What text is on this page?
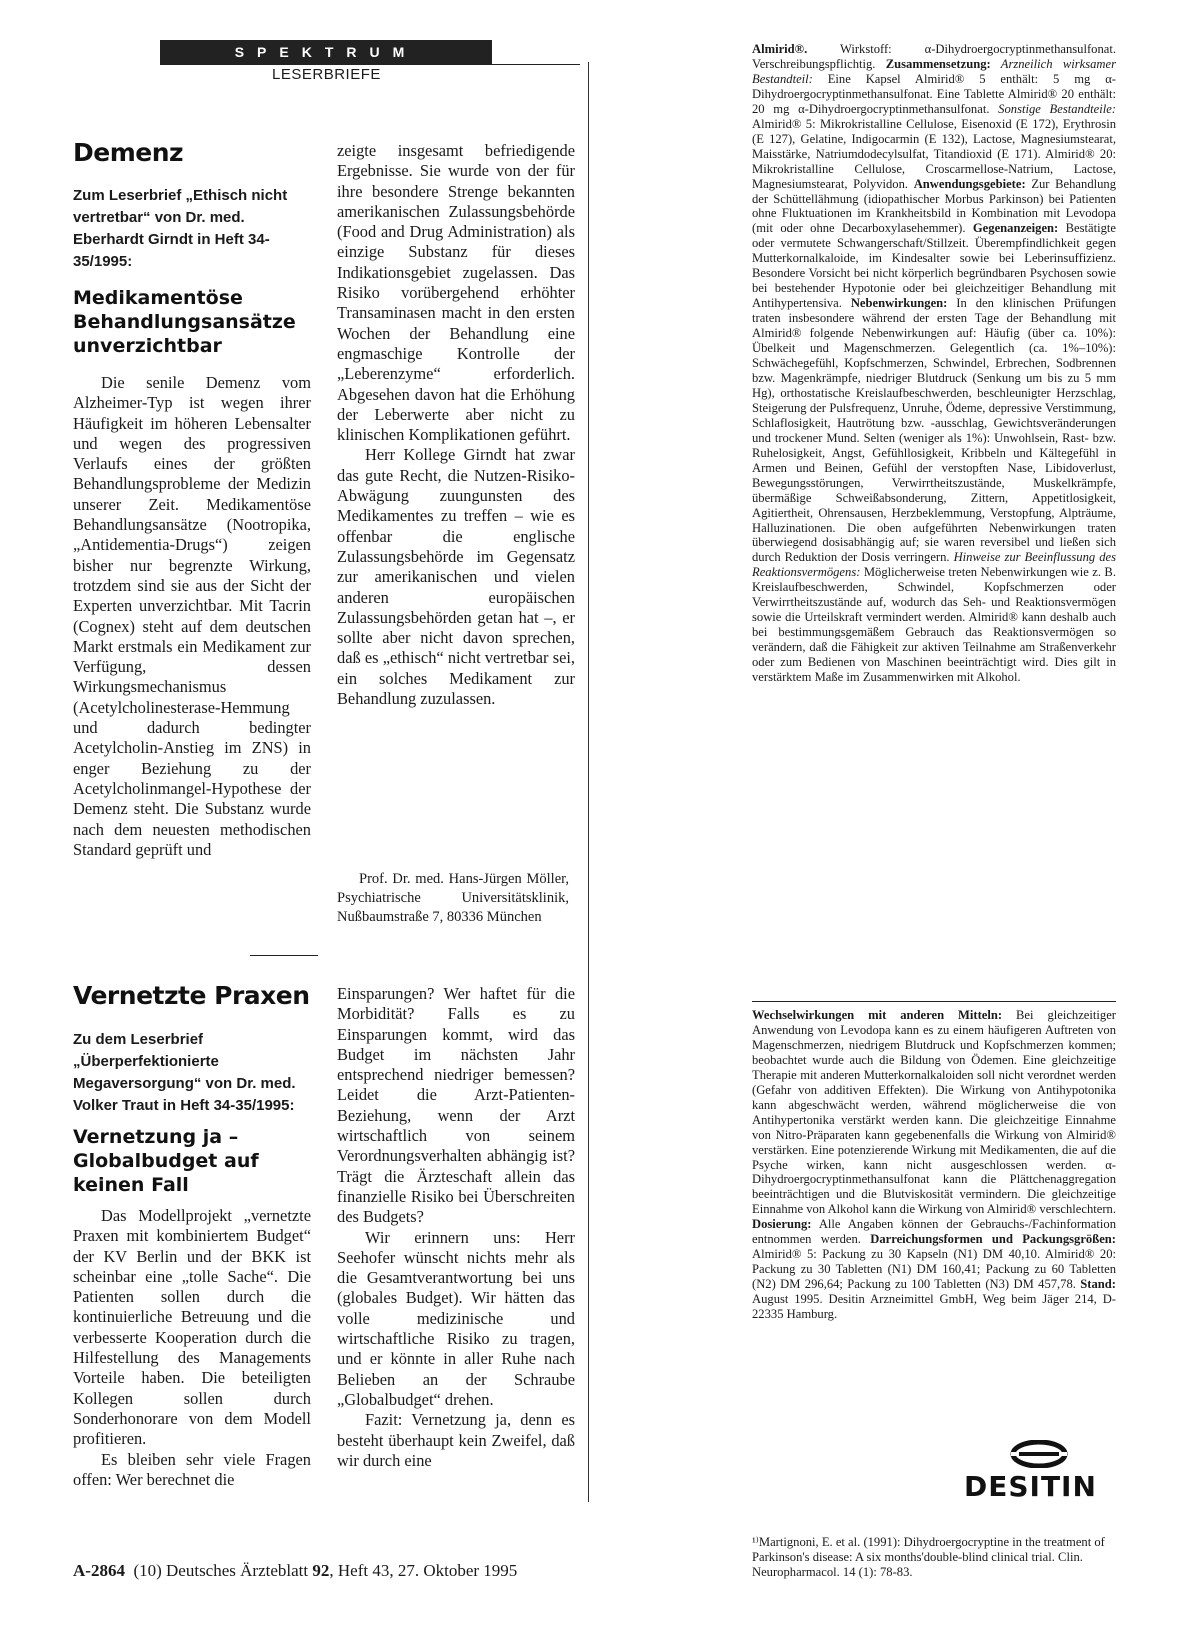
SPEKTRUM
LESERBRIEFE
Demenz
Zum Leserbrief „Ethisch nicht vertretbar“ von Dr. med. Eberhardt Girndt in Heft 34-35/1995:
Medikamentöse Behandlungsansätze unverzichtbar

Die senile Demenz vom Alzheimer-Typ ist wegen ihrer Häufigkeit im höheren Lebensalter und wegen des progressiven Verlaufs eines der größten Behandlungsprobleme der Medizin unserer Zeit. Medikamentöse Behandlungsansätze (Nootropika, „Antidementia-Drugs“) zeigen bisher nur begrenzte Wirkung, trotzdem sind sie aus der Sicht der Experten unverzichtbar. Mit Tacrin (Cognex) steht auf dem deutschen Markt erstmals ein Medikament zur Verfügung, dessen Wirkungsmechanismus (Acetylcholinesterase-Hemmung und dadurch bedingter Acetylcholin-Anstieg im ZNS) in enger Beziehung zu der Acetylcholinmangel-Hypothese der Demenz steht. Die Substanz wurde nach dem neuesten methodischen Standard geprüft und

zeigte insgesamt befriedigende Ergebnisse. Sie wurde von der für ihre besondere Strenge bekannten amerikanischen Zulassungsbehörde (Food and Drug Administration) als einzige Substanz für dieses Indikationsgebiet zugelassen. Das Risiko vorübergehend erhöhter Transaminasen macht in den ersten Wochen der Behandlung eine engmaschige Kontrolle der „Leberenzyme“ erforderlich. Abgesehen davon hat die Erhöhung der Leberwerte aber nicht zu klinischen Komplikationen geführt.

Herr Kollege Girndt hat zwar das gute Recht, die Nutzen-Risiko-Abwägung zuungunsten des Medikamentes zu treffen – wie es offenbar die englische Zulassungsbehörde im Gegensatz zur amerikanischen und vielen anderen europäischen Zulassungsbehörden getan hat –, er sollte aber nicht davon sprechen, daß es „ethisch“ nicht vertretbar sei, ein solches Medikament zur Behandlung zuzulassen.

Prof. Dr. med. Hans-Jürgen Möller, Psychiatrische Universitätsklinik, Nußbaumstraße 7, 80336 München
Vernetzte Praxen
Zu dem Leserbrief „Überperfektionierte Megaversorgung“ von Dr. med. Volker Traut in Heft 34-35/1995:
Vernetzung ja – Globalbudget auf keinen Fall

Das Modellprojekt „vernetzte Praxen mit kombiniertem Budget“ der KV Berlin und der BKK ist scheinbar eine „tolle Sache“. Die Patienten sollen durch die kontinuierliche Betreuung und die verbesserte Kooperation durch die Hilfestellung des Managements Vorteile haben. Die beteiligten Kollegen sollen durch Sonderhonorare von dem Modell profitieren.

Es bleiben sehr viele Fragen offen: Wer berechnet die

Einsparungen? Wer haftet für die Morbidität? Falls es zu Einsparungen kommt, wird das Budget im nächsten Jahr entsprechend niedriger bemessen? Leidet die Arzt-Patienten-Beziehung, wenn der Arzt wirtschaftlich von seinem Verordnungsverhalten abhängig ist? Trägt die Ärzteschaft allein das finanzielle Risiko bei Überschreiten des Budgets?

Wir erinnern uns: Herr Seehofer wünscht nichts mehr als die Gesamtverantwortung bei uns (globales Budget). Wir hätten das volle medizinische und wirtschaftliche Risiko zu tragen, und er könnte in aller Ruhe nach Belieben an der Schraube „Globalbudget“ drehen.

Fazit: Vernetzung ja, denn es besteht überhaupt kein Zweifel, daß wir durch eine

Almirid®. Wirkstoff: α-Dihydroergocryptinmethansulfonat. Verschreibungspflichtig. Zusammensetzung: Arzneilich wirksamer Bestandteil: Eine Kapsel Almirid® 5 enthält: 5 mg α-Dihydroergocryptinmethansulfonat. Eine Tablette Almirid® 20 enthält: 20 mg α-Dihydroergocryptinmethansulfonat. Sonstige Bestandteile: Almirid® 5: Mikrokristalline Cellulose, Eisenoxid (E 172), Erythrosin (E 127), Gelatine, Indigocarmin (E 132), Lactose, Magnesiumstearat, Maisstärke, Natriumdodecylsulfat, Titandioxid (E 171). Almirid® 20: Mikrokristalline Cellulose, Croscarmellose-Natrium, Lactose, Magnesiumstearat, Polyvidon. Anwendungsgebiete: Zur Behandlung der Schüttellähmung (idiopathischer Morbus Parkinson) bei Patienten ohne Fluktuationen im Krankheitsbild in Kombination mit Levodopa (mit oder ohne Decarboxylasehemmer). Gegenanzeigen: Bestätigte oder vermutete Schwangerschaft/Stillzeit. Überempfindlichkeit gegen Mutterkornalkaloide, im Kindesalter sowie bei Leberinsuffizienz. Besondere Vorsicht bei nicht körperlich begründbaren Psychosen sowie bei bestehender Hypotonie oder bei gleichzeitiger Behandlung mit Antihypertensiva. Nebenwirkungen: In den klinischen Prüfungen traten insbesondere während der ersten Tage der Behandlung mit Almirid® folgende Nebenwirkungen auf: Häufig (über ca. 10%): Übelkeit und Magenschmerzen. Gelegentlich (ca. 1%–10%): Schwächegefühl, Kopfschmerzen, Schwindel, Erbrechen, Sodbrennen bzw. Magenkrämpfe, niedriger Blutdruck (Senkung um bis zu 5 mm Hg), orthostatische Kreislaufbeschwerden, beschleunigter Herzschlag, Steigerung der Pulsfrequenz, Unruhe, Ödeme, depressive Verstimmung, Schlaflosigkeit, Hautrötung bzw. -ausschlag, Gewichtsveränderungen und trockener Mund. Selten (weniger als 1%): Unwohlsein, Rast- bzw. Ruhelosigkeit, Angst, Gefühllosigkeit, Kribbeln und Kältegefühl in Armen und Beinen, Gefühl der verstopften Nase, Libidoverlust, Bewegungsstörungen, Verwirrtheitszustände, Muskelkrämpfe, übermäßige Schweißabsonderung, Zittern, Appetitlosigkeit, Agitiertheit, Ohrensausen, Herzbeklemmung, Verstopfung, Alpträume, Halluzinationen. Die oben aufgeführten Nebenwirkungen traten überwiegend dosisabhängig auf; sie waren reversibel und ließen sich durch Reduktion der Dosis verringern. Hinweise zur Beeinflussung des Reaktionsvermögens: Möglicherweise treten Nebenwirkungen wie z. B. Kreislaufbeschwerden, Schwindel, Kopfschmerzen oder Verwirrtheitszustände auf, wodurch das Seh- und Reaktionsvermögen sowie die Urteilskraft vermindert werden. Almirid® kann deshalb auch bei bestimmungsgemäßem Gebrauch das Reaktionsvermögen so verändern, daß die Fähigkeit zur aktiven Teilnahme am Straßenverkehr oder zum Bedienen von Maschinen beeinträchtigt wird. Dies gilt in verstärktem Maße im Zusammenwirken mit Alkohol.
Wechselwirkungen mit anderen Mitteln: Bei gleichzeitiger Anwendung von Levodopa kann es zu einem häufigeren Auftreten von Magenschmerzen, niedrigem Blutdruck und Kopfschmerzen kommen; beobachtet wurde auch die Bildung von Ödemen. Eine gleichzeitige Therapie mit anderen Mutterkornalkaloiden soll nicht verordnet werden (Gefahr von additiven Effekten). Die Wirkung von Antihypotonika kann abgeschwächt werden, während möglicherweise die von Antihypertonika verstärkt werden kann. Die gleichzeitige Einnahme von Nitro-Präparaten kann gegebenenfalls die Wirkung von Almirid® verstärken. Eine potenzierende Wirkung mit Medikamenten, die auf die Psyche wirken, kann nicht ausgeschlossen werden. α-Dihydroergocryptinmethansulfonat kann die Plättchenaggregation beeinträchtigen und die Blutviskosität vermindern. Die gleichzeitige Einnahme von Alkohol kann die Wirkung von Almirid® verschlechtern. Dosierung: Alle Angaben können der Gebrauchs-/Fachinformation entnommen werden. Darreichungsformen und Packungsgrößen: Almirid® 5: Packung zu 30 Kapseln (N1) DM 40,10. Almirid® 20: Packung zu 30 Tabletten (N1) DM 160,41; Packung zu 60 Tabletten (N2) DM 296,64; Packung zu 100 Tabletten (N3) DM 457,78. Stand: August 1995. Desitin Arzneimittel GmbH, Weg beim Jäger 214, D-22335 Hamburg.
DESITIN
¹⁾Martignoni, E. et al. (1991): Dihydroergocryptine in the treatment of Parkinson's disease: A six months'double-blind clinical trial. Clin. Neuropharmacol. 14 (1): 78-83.
A-2864 (10) Deutsches Ärzteblatt 92, Heft 43, 27. Oktober 1995
